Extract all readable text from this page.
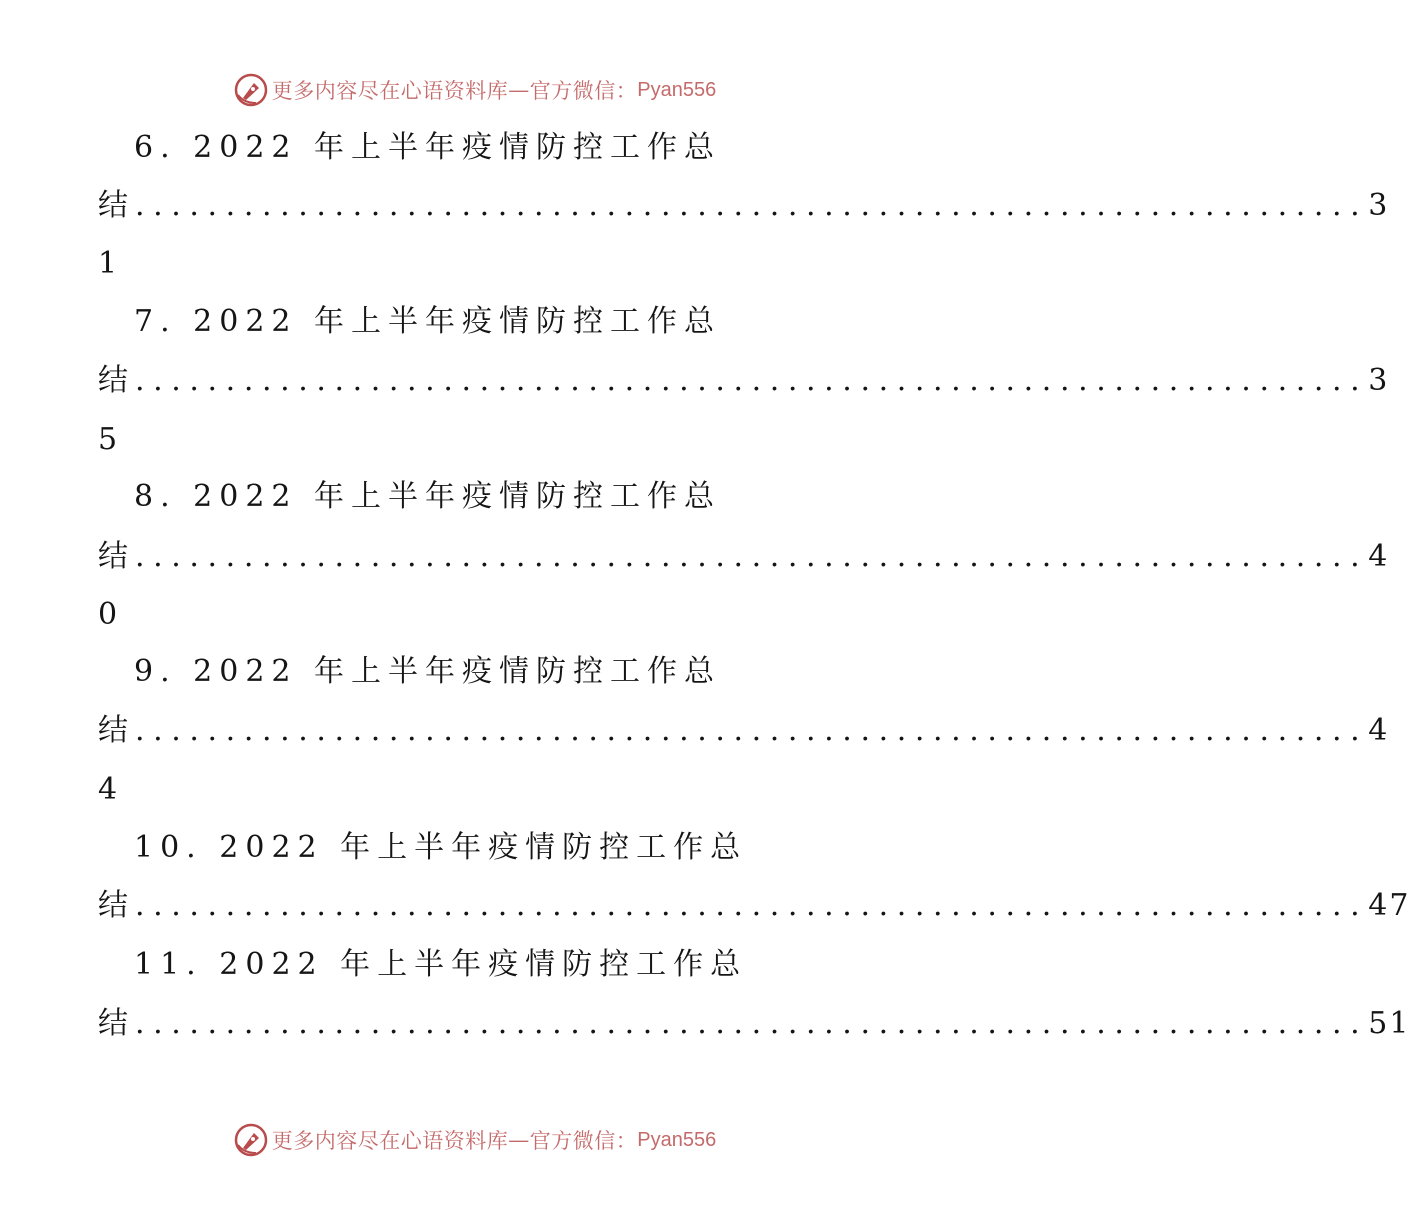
更多内容尽在心语资料库 — 官方微信： Pyan556
6. 2022 年上半年疫情防控工作总
结 .................................................................... 3
1
7. 2022 年上半年疫情防控工作总
结 .................................................................... 3
5
8. 2022 年上半年疫情防控工作总
结 .................................................................... 4
0
9. 2022 年上半年疫情防控工作总
结 .................................................................... 4
4
10. 2022 年上半年疫情防控工作总
结 .................................................................... 47
11. 2022 年上半年疫情防控工作总
结 .................................................................... 51
更多内容尽在心语资料库 — 官方微信： Pyan556
